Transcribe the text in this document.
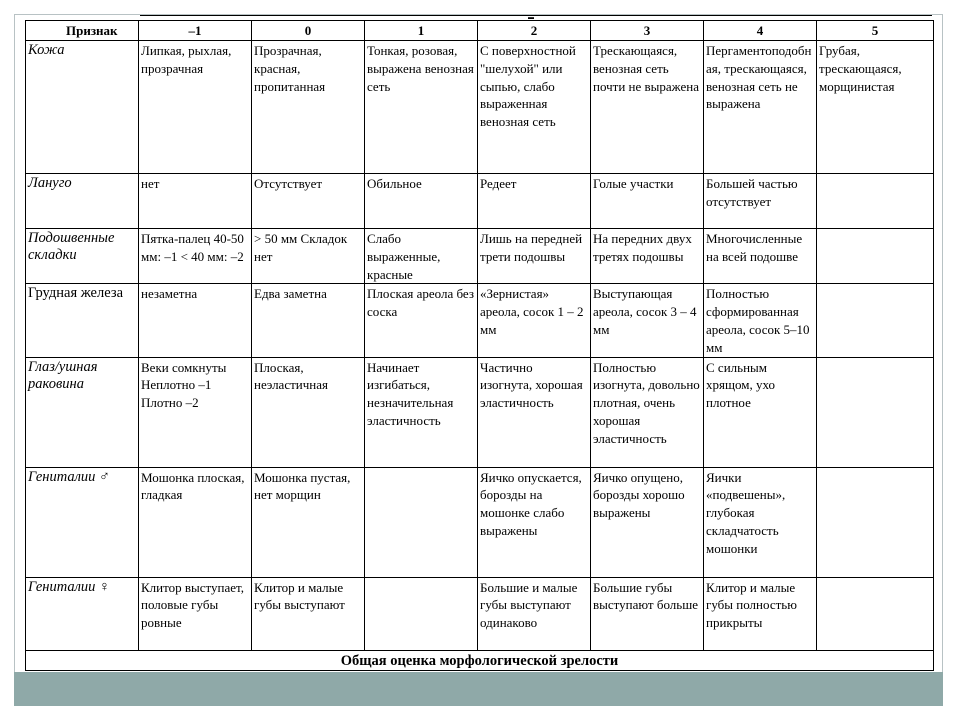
▬
Признак	–1	0	1	2	3	4	5
Кожа	Липкая, рыхлая, прозрачная	Прозрачная, красная, пропитанная	Тонкая, розовая, выражена венозная сеть	С поверхностной "шелухой" или сыпью, слабо выраженная венозная сеть	Трескающаяся, венозная сеть почти не выражена	Пергаментоподобная, трескающаяся, венозная сеть не выражена	Грубая, трескающаяся, морщинистая
Лануго	нет	Отсутствует	Обильное	Редеет	Голые участки	Большей частью отсутствует	
Подошвенные складки	Пятка-палец 40-50 мм: –1 < 40 мм: –2	> 50 мм Складок нет	Слабо выраженные, красные	Лишь на передней трети подошвы	На передних двух третях подошвы	Многочисленные на всей подошве	
Грудная железа	незаметна	Едва заметна	Плоская ареола без соска	«Зернистая» ареола, сосок 1 – 2 мм	Выступающая ареола, сосок 3 – 4 мм	Полностью сформированная ареола, сосок 5–10 мм	
Глаз/ушная раковина	Веки сомкнуты Неплотно –1 Плотно –2	Плоская, неэластичная	Начинает изгибаться, незначительная эластичность	Частично изогнута, хорошая эластичность	Полностью изогнута, довольно плотная, очень хорошая эластичность	С сильным хрящом, ухо плотное	
Гениталии ♂	Мошонка плоская, гладкая	Мошонка пустая, нет морщин		Яичко опускается, борозды на мошонке слабо выражены	Яичко опущено, борозды хорошо выражены	Яички «подвешены», глубокая складчатость мошонки	
Гениталии ♀	Клитор выступает, половые губы ровные	Клитор и малые губы выступают		Большие и малые губы выступают одинаково	Большие губы выступают больше	Клитор и малые губы полностью прикрыты	
Общая оценка морфологической зрелости							
